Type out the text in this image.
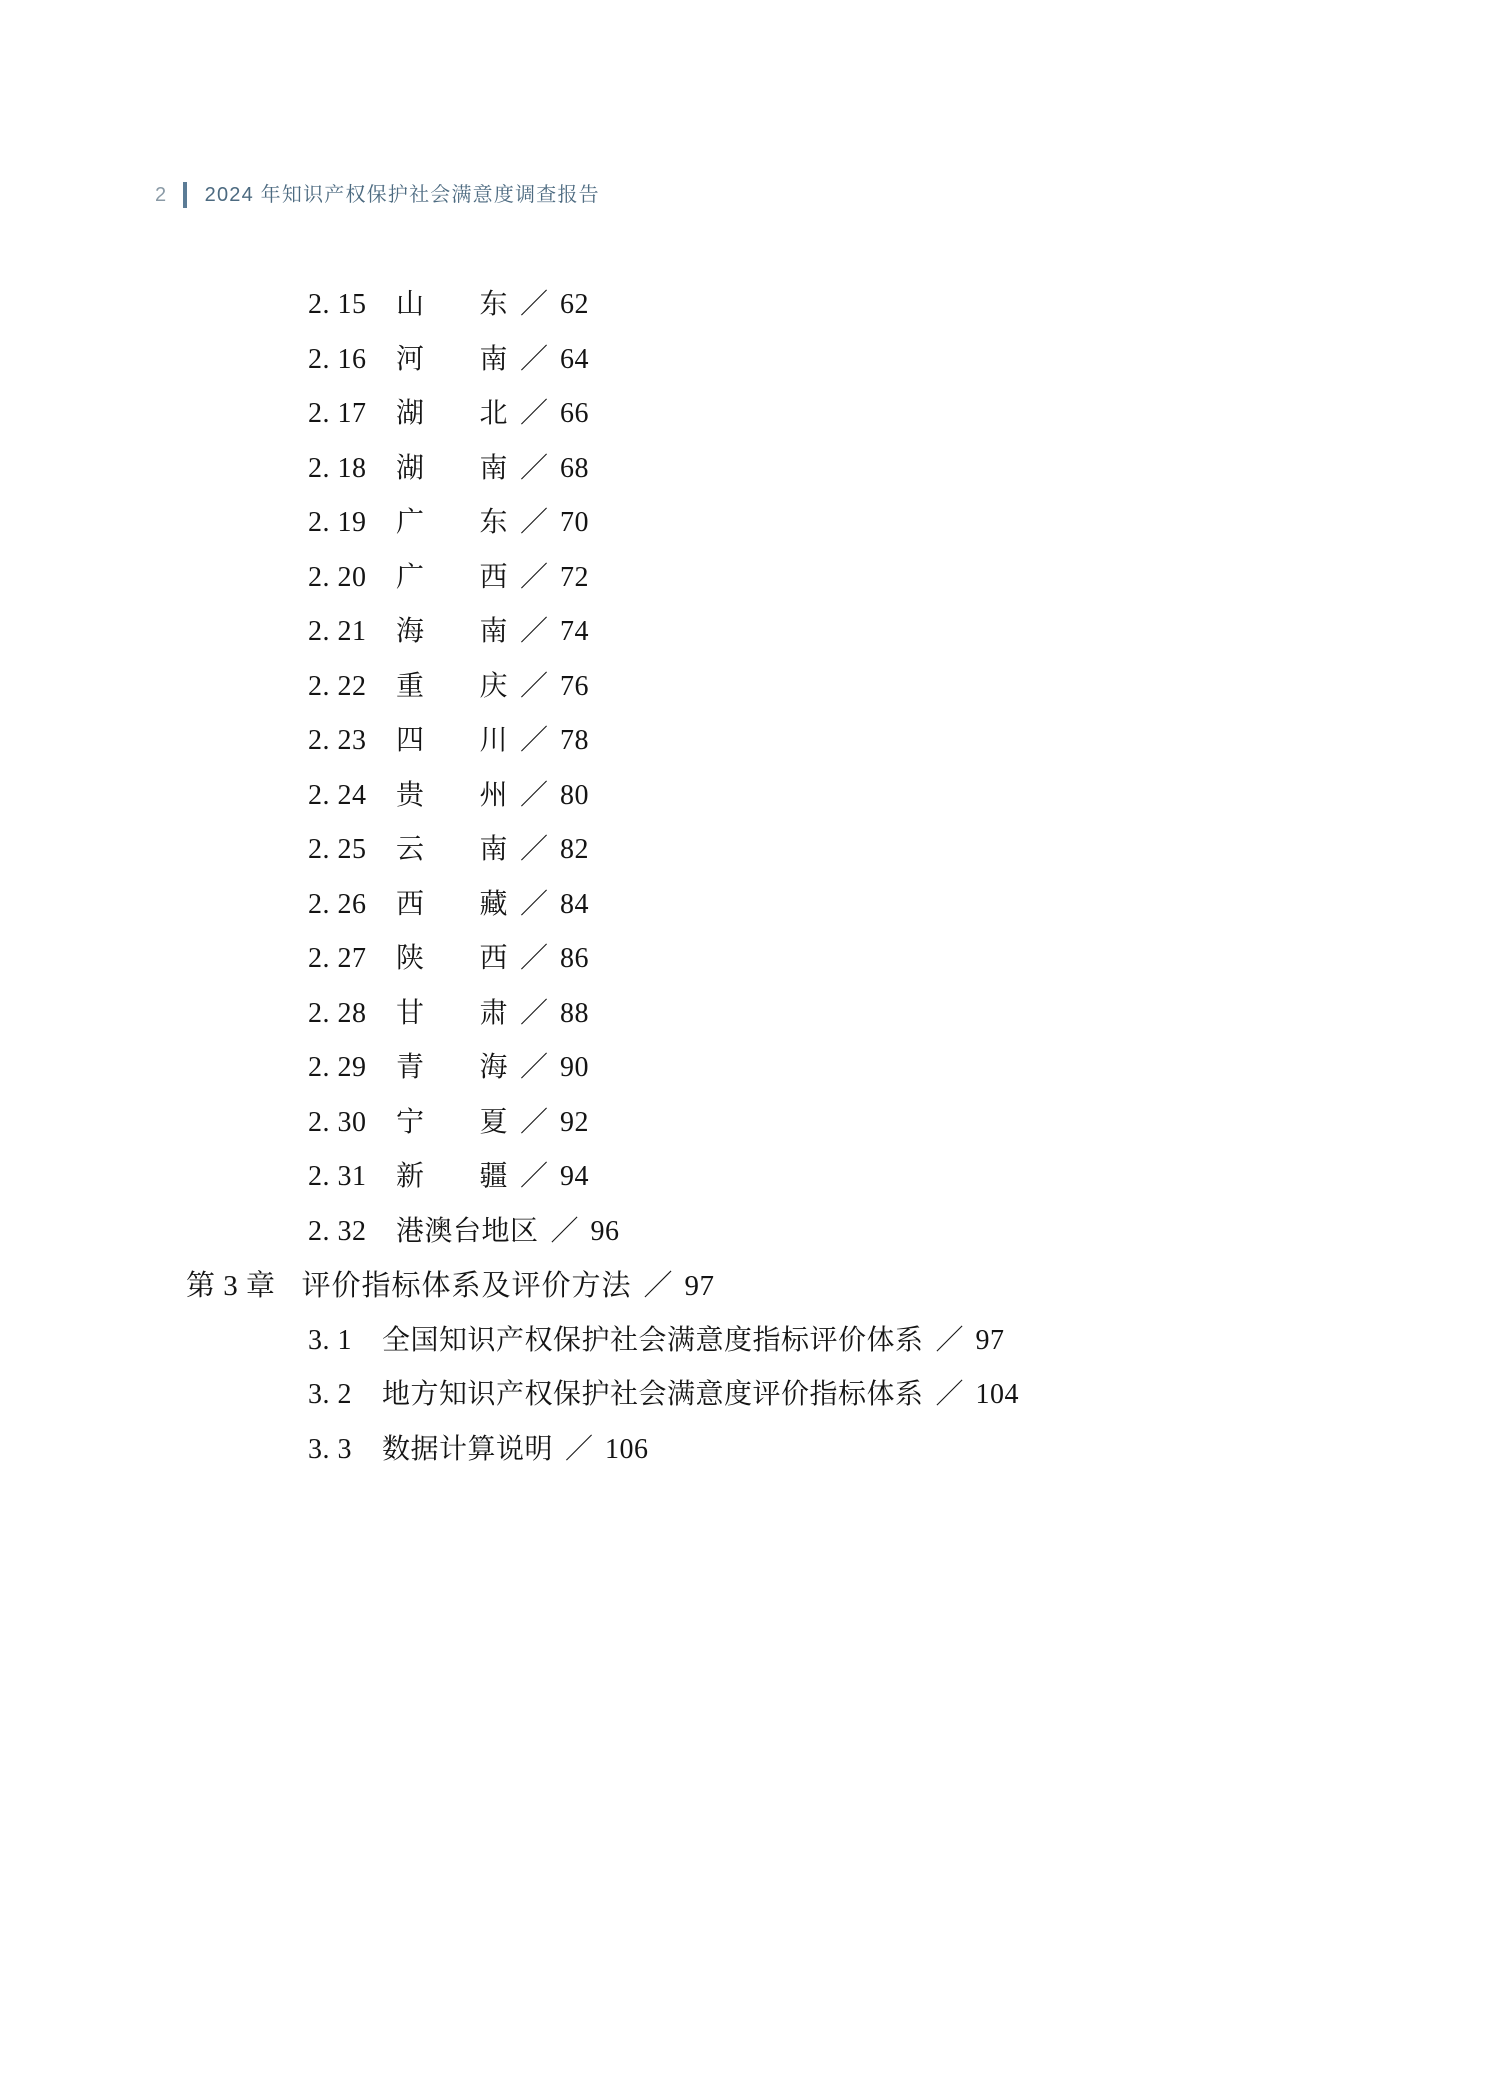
2	2024 年知识产权保护社会满意度调查报告
2. 15	山 东 ／ 62
2. 16	河 南 ／ 64
2. 17	湖 北 ／ 66
2. 18	湖 南 ／ 68
2. 19	广 东 ／ 70
2. 20	广 西 ／ 72
2. 21	海 南 ／ 74
2. 22	重 庆 ／ 76
2. 23	四 川 ／ 78
2. 24	贵 州 ／ 80
2. 25	云 南 ／ 82
2. 26	西 藏 ／ 84
2. 27	陕 西 ／ 86
2. 28	甘 肃 ／ 88
2. 29	青 海 ／ 90
2. 30	宁 夏 ／ 92
2. 31	新 疆 ／ 94
2. 32	港澳台地区 ／ 96
第 3 章 评价指标体系及评价方法 ／ 97
3. 1	全国知识产权保护社会满意度指标评价体系 ／ 97
3. 2	地方知识产权保护社会满意度评价指标体系 ／ 104
3. 3	数据计算说明 ／ 106
